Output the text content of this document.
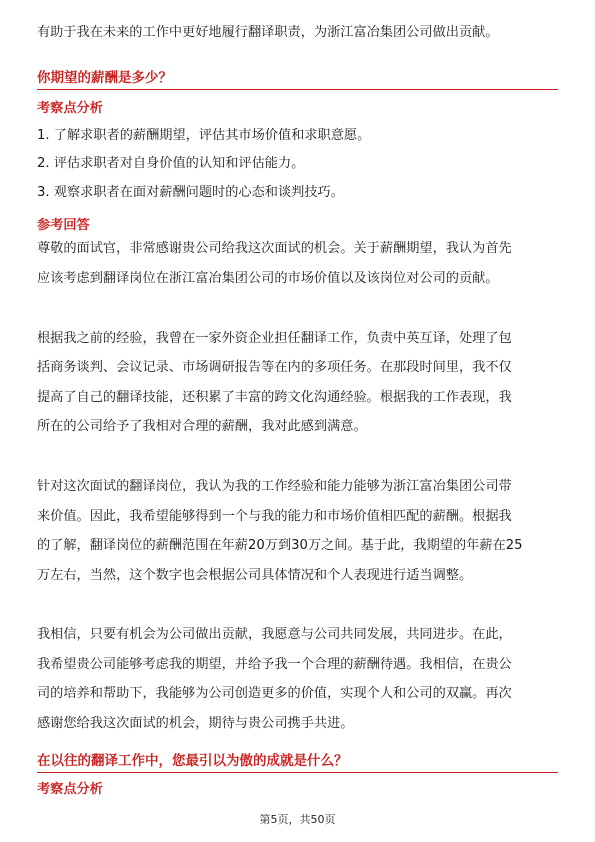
有助于我在未来的工作中更好地履行翻译职责，为浙江富冶集团公司做出贡献。

你期望的薪酬是多少？
考察点分析
1. 了解求职者的薪酬期望，评估其市场价值和求职意愿。
2. 评估求职者对自身价值的认知和评估能力。
3. 观察求职者在面对薪酬问题时的心态和谈判技巧。
参考回答

尊敬的面试官，非常感谢贵公司给我这次面试的机会。关于薪酬期望，我认为首先

应该考虑到翻译岗位在浙江富冶集团公司的市场价值以及该岗位对公司的贡献。

根据我之前的经验，我曾在一家外资企业担任翻译工作，负责中英互译，处理了包

括商务谈判、会议记录、市场调研报告等在内的多项任务。在那段时间里，我不仅

提高了自己的翻译技能，还积累了丰富的跨文化沟通经验。根据我的工作表现，我

所在的公司给予了我相对合理的薪酬，我对此感到满意。

针对这次面试的翻译岗位，我认为我的工作经验和能力能够为浙江富冶集团公司带

来价值。因此，我希望能够得到一个与我的能力和市场价值相匹配的薪酬。根据我

的了解，翻译岗位的薪酬范围在年薪20万到30万之间。基于此，我期望的年薪在25

万左右，当然，这个数字也会根据公司具体情况和个人表现进行适当调整。

我相信，只要有机会为公司做出贡献，我愿意与公司共同发展，共同进步。在此，

我希望贵公司能够考虑我的期望，并给予我一个合理的薪酬待遇。我相信，在贵公

司的培养和帮助下，我能够为公司创造更多的价值，实现个人和公司的双赢。再次

感谢您给我这次面试的机会，期待与贵公司携手共进。

在以往的翻译工作中，您最引以为傲的成就是什么？
考察点分析
第5页，共50页
